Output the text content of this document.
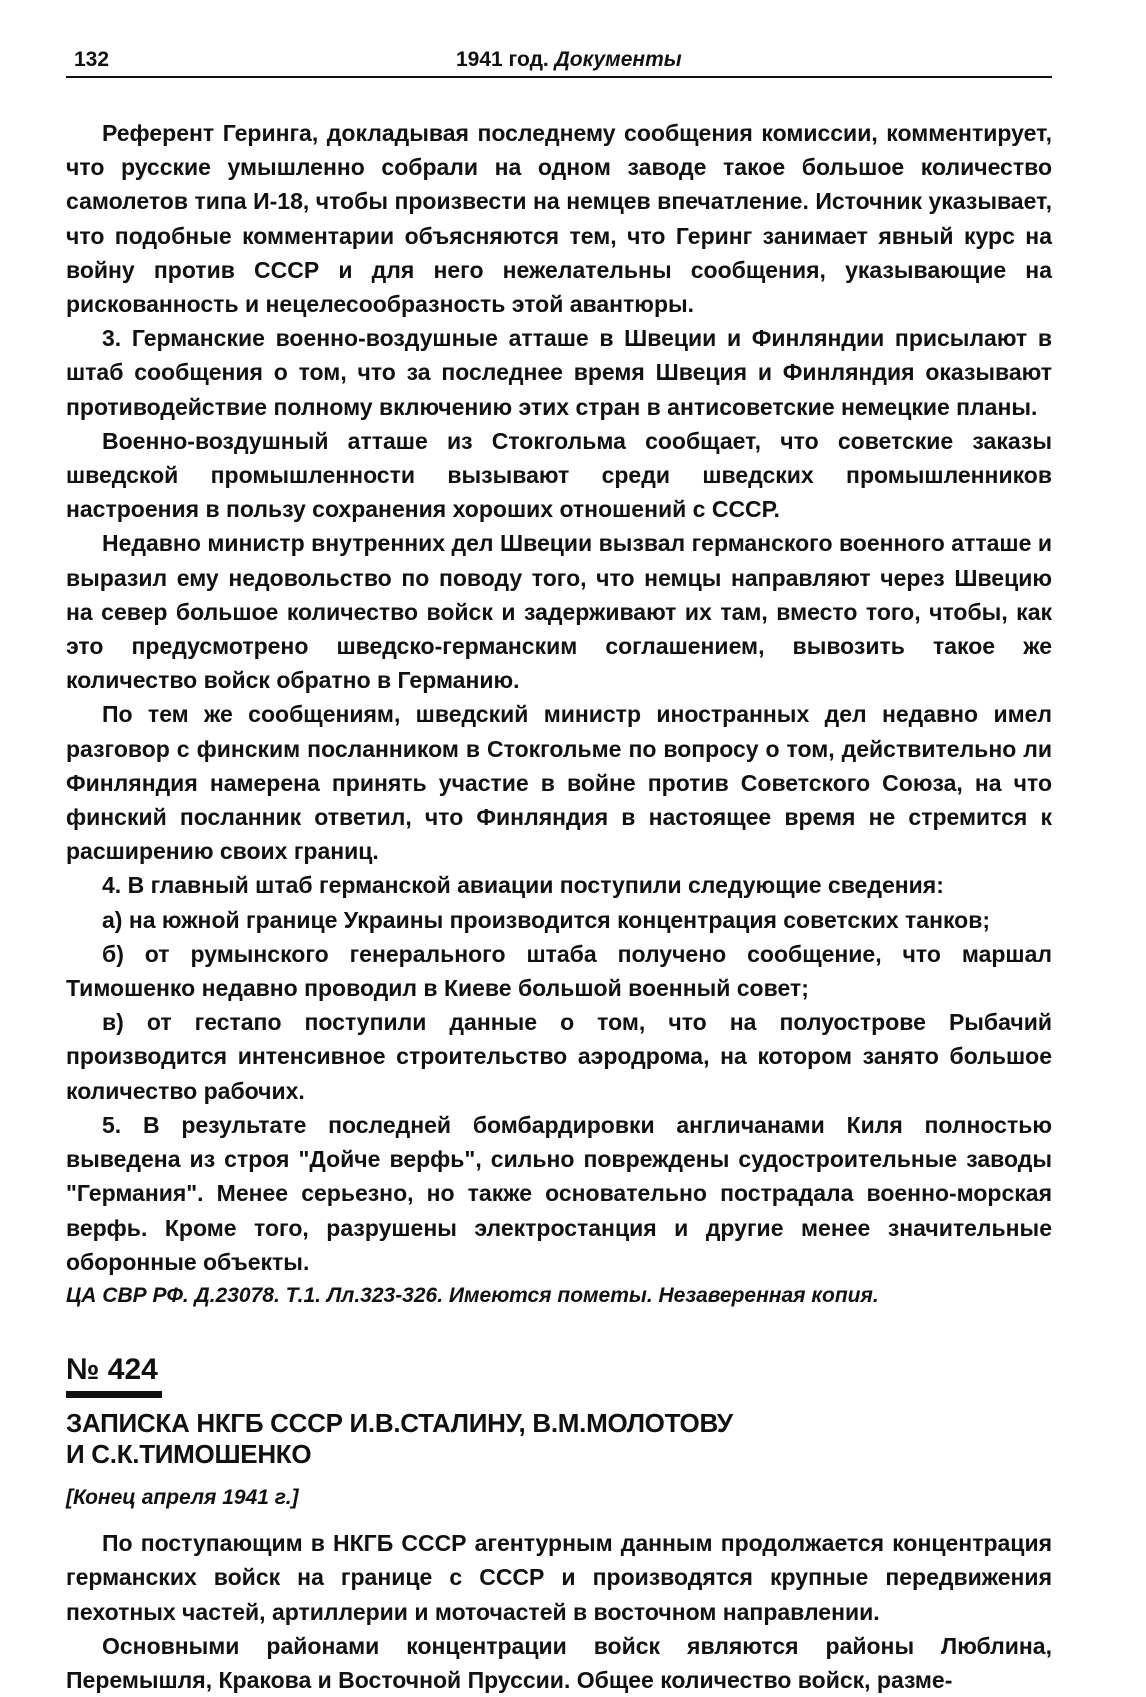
132	1941 год. Документы

Референт Геринга, докладывая последнему сообщения комиссии, комментирует, что русские умышленно собрали на одном заводе такое большое количество самолетов типа И-18, чтобы произвести на немцев впечатление. Источник указывает, что подобные комментарии объясняются тем, что Геринг занимает явный курс на войну против СССР и для него нежелательны сообщения, указывающие на рискованность и нецелесообразность этой авантюры.

3. Германские военно-воздушные атташе в Швеции и Финляндии присылают в штаб сообщения о том, что за последнее время Швеция и Финляндия оказывают противодействие полному включению этих стран в антисоветские немецкие планы.

Военно-воздушный атташе из Стокгольма сообщает, что советские заказы шведской промышленности вызывают среди шведских промышленников настроения в пользу сохранения хороших отношений с СССР.

Недавно министр внутренних дел Швеции вызвал германского военного атташе и выразил ему недовольство по поводу того, что немцы направляют через Швецию на север большое количество войск и задерживают их там, вместо того, чтобы, как это предусмотрено шведско-германским соглашением, вывозить такое же количество войск обратно в Германию.

По тем же сообщениям, шведский министр иностранных дел недавно имел разговор с финским посланником в Стокгольме по вопросу о том, действительно ли Финляндия намерена принять участие в войне против Советского Союза, на что финский посланник ответил, что Финляндия в настоящее время не стремится к расширению своих границ.

4. В главный штаб германской авиации поступили следующие сведения:

а) на южной границе Украины производится концентрация советских танков;

б) от румынского генерального штаба получено сообщение, что маршал Тимошенко недавно проводил в Киеве большой военный совет;

в) от гестапо поступили данные о том, что на полуострове Рыбачий производится интенсивное строительство аэродрома, на котором занято большое количество рабочих.

5. В результате последней бомбардировки англичанами Киля полностью выведена из строя "Дойче верфь", сильно повреждены судостроительные заводы "Германия". Менее серьезно, но также основательно пострадала военно-морская верфь. Кроме того, разрушены электростанция и другие менее значительные оборонные объекты.

ЦА СВР РФ. Д.23078. Т.1. Лл.323-326. Имеются пометы. Незаверенная копия.

№ 424
ЗАПИСКА НКГБ СССР И.В.СТАЛИНУ, В.М.МОЛОТОВУ
И С.К.ТИМОШЕНКО
[Конец апреля 1941 г.]

По поступающим в НКГБ СССР агентурным данным продолжается концентрация германских войск на границе с СССР и производятся крупные передвижения пехотных частей, артиллерии и моточастей в восточном направлении.

Основными районами концентрации войск являются районы Люблина, Перемышля, Кракова и Восточной Пруссии. Общее количество войск, разме-
